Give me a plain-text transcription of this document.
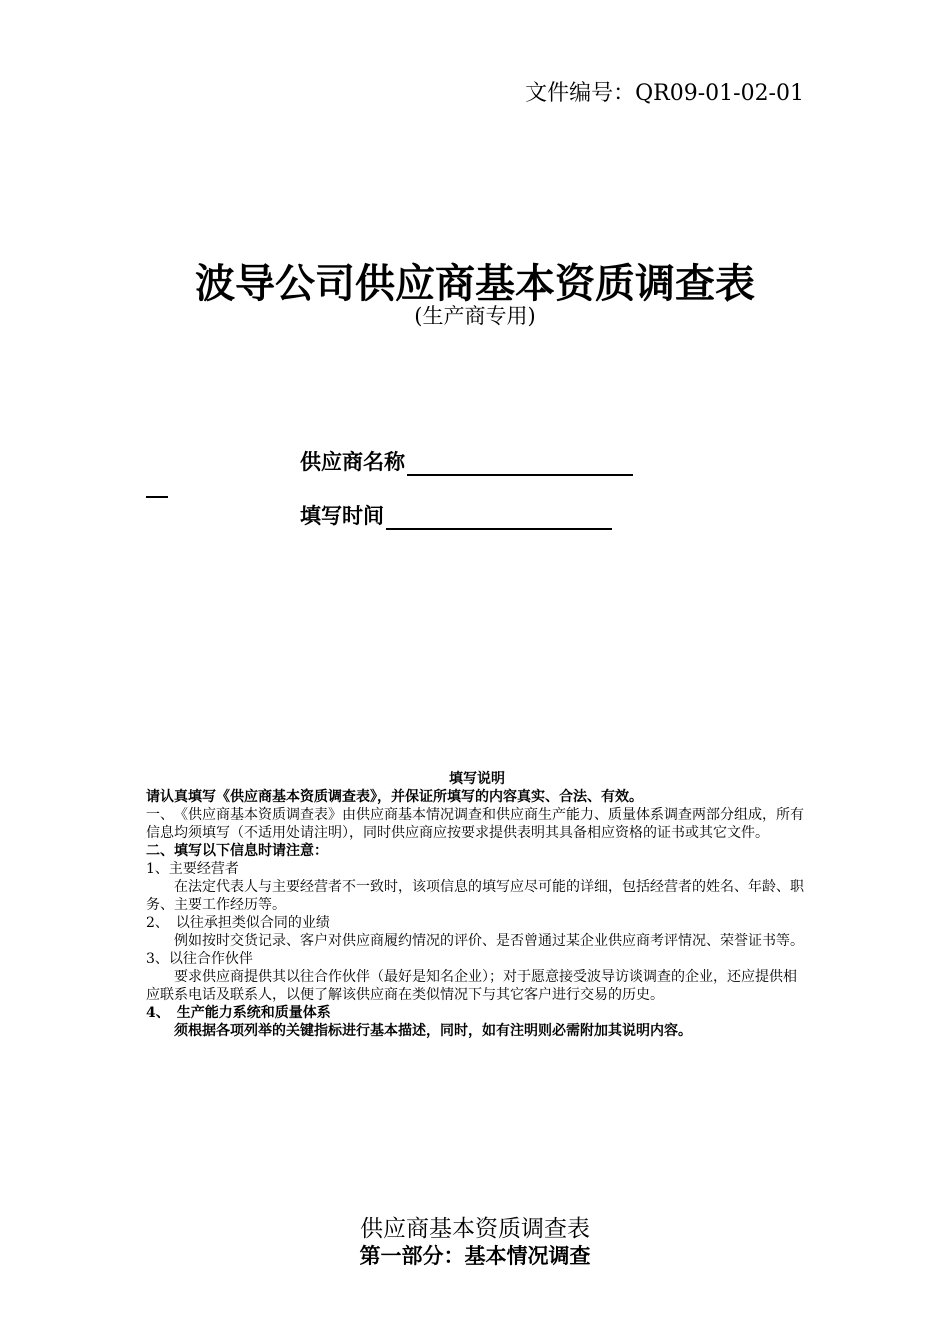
文件编号：QR09-01-02-01
波导公司供应商基本资质调查表
(生产商专用)
供应商名称
填写时间

填写说明

请认真填写《供应商基本资质调查表》，并保证所填写的内容真实、合法、有效。

一、　《供应商基本资质调查表》由供应商基本情况调查和供应商生产能力、质量体系调查两部分组成，所有信息均须填写（不适用处请注明），同时供应商应按要求提供表明其具备相应资格的证书或其它文件。

二、填写以下信息时请注意：

1、主要经营者

在法定代表人与主要经营者不一致时，该项信息的填写应尽可能的详细，包括经营者的姓名、年龄、职务、主要工作经历等。

2、　以往承担类似合同的业绩

例如按时交货记录、客户对供应商履约情况的评价、是否曾通过某企业供应商考评情况、荣誉证书等。

3、以往合作伙伴

要求供应商提供其以往合作伙伴（最好是知名企业）；对于愿意接受波导访谈调查的企业，还应提供相应联系电话及联系人，以便了解该供应商在类似情况下与其它客户进行交易的历史。

4、　生产能力系统和质量体系

须根据各项列举的关键指标进行基本描述，同时，如有注明则必需附加其说明内容。

供应商基本资质调查表
第一部分：基本情况调查
